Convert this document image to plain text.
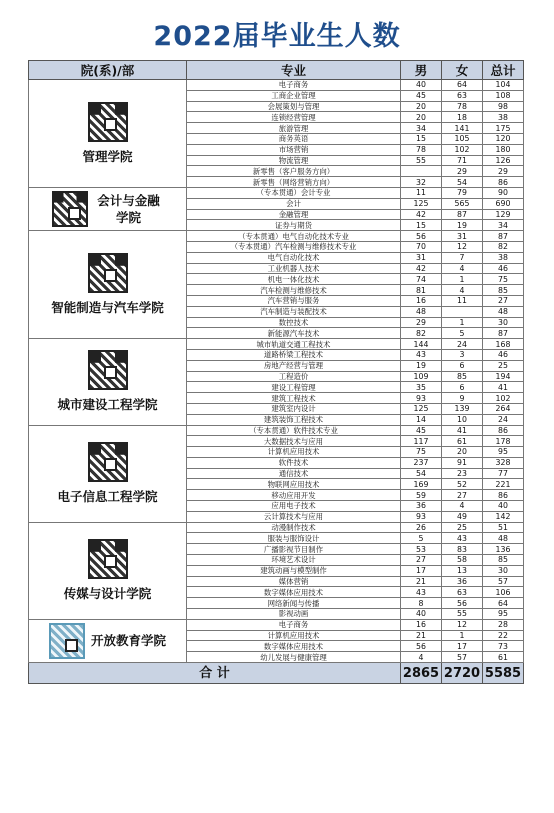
2022届毕业生人数
院(系)/部	专业	男	女	总计

管理学院	电子商务	40	64	104
	工商企业管理	45	63	108
	会展策划与管理	20	78	98
	连锁经营管理	20	18	38
	旅游管理	34	141	175
	商务英语	15	105	120
	市场营销	78	102	180
	物流管理	55	71	126
	新零售（客户服务方向）		29	29
	新零售（网络营销方向）	32	54	86

会计与金融学院	（专本贯通）会计专业	11	79	90
	会计	125	565	690
	金融管理	42	87	129
	证券与期货	15	19	34

智能制造与汽车学院	（专本贯通）电气自动化技术专业	56	31	87
	（专本贯通）汽车检测与维修技术专业	70	12	82
	电气自动化技术	31	7	38
	工业机器人技术	42	4	46
	机电一体化技术	74	1	75
	汽车检测与维修技术	81	4	85
	汽车营销与服务	16	11	27
	汽车制造与装配技术	48		48
	数控技术	29	1	30
	新能源汽车技术	82	5	87

城市建设工程学院	城市轨道交通工程技术	144	24	168
	道路桥梁工程技术	43	3	46
	房地产经营与管理	19	6	25
	工程造价	109	85	194
	建设工程管理	35	6	41
	建筑工程技术	93	9	102
	建筑室内设计	125	139	264
	建筑装饰工程技术	14	10	24

电子信息工程学院	（专本贯通）软件技术专业	45	41	86
	大数据技术与应用	117	61	178
	计算机应用技术	75	20	95
	软件技术	237	91	328
	通信技术	54	23	77
	物联网应用技术	169	52	221
	移动应用开发	59	27	86
	应用电子技术	36	4	40
	云计算技术与应用	93	49	142

传媒与设计学院	动漫制作技术	26	25	51
	服装与服饰设计	5	43	48
	广播影视节目制作	53	83	136
	环境艺术设计	27	58	85
	建筑动画与模型制作	17	13	30
	媒体营销	21	36	57
	数字媒体应用技术	43	63	106
	网络新闻与传播	8	56	64
	影视动画	40	55	95

开放教育学院	电子商务	16	12	28
	计算机应用技术	21	1	22
	数字媒体应用技术	56	17	73
	幼儿发展与健康管理	4	57	61
合 计		2865	2720	5585
